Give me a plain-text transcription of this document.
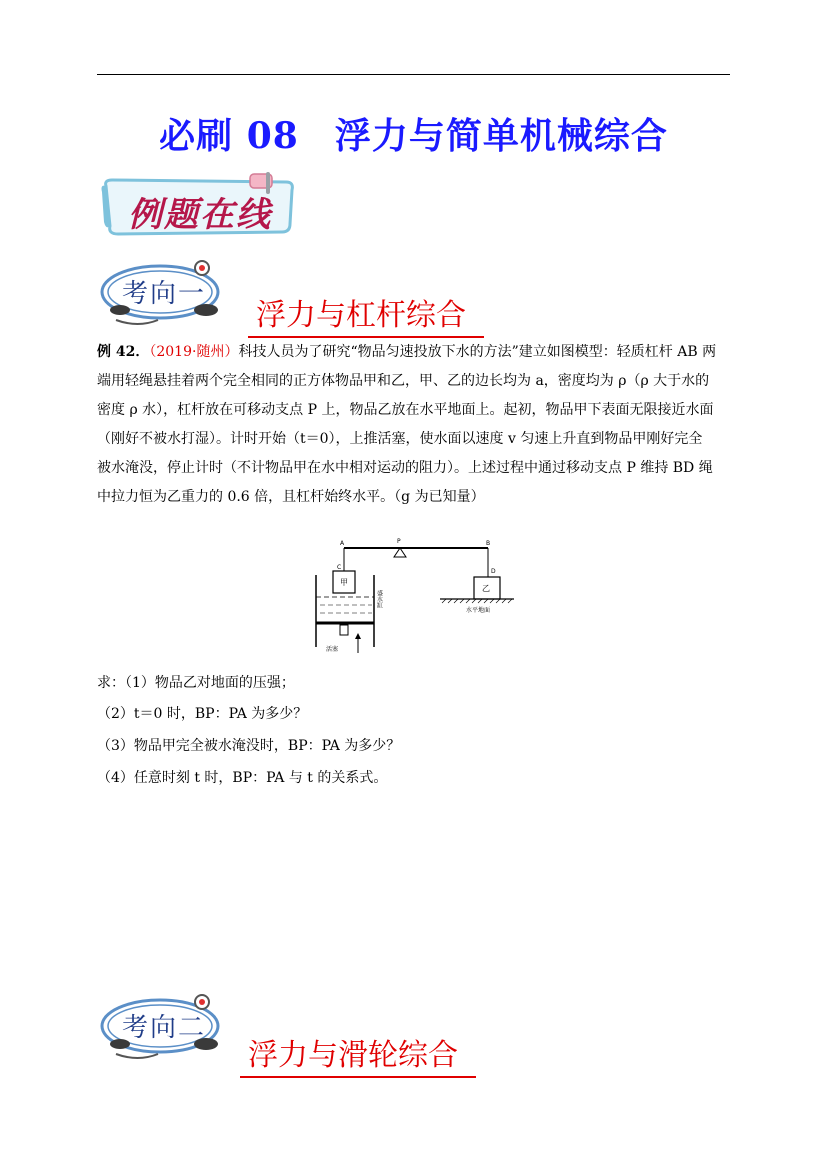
必刷 08 浮力与简单机械综合
例题在线
考向一
浮力与杠杆综合
例 42．（2019·随州）科技人员为了研究“物品匀速投放下水的方法”建立如图模型：轻质杠杆 AB 两
端用轻绳悬挂着两个完全相同的正方体物品甲和乙，甲、乙的边长均为 a，密度均为 ρ（ρ 大于水的
密度 ρ 水），杠杆放在可移动支点 P 上，物品乙放在水平地面上。起初，物品甲下表面无限接近水面
（刚好不被水打湿）。计时开始（t＝0），上推活塞，使水面以速度 v 匀速上升直到物品甲刚好完全
被水淹没，停止计时（不计物品甲在水中相对运动的阻力）。上述过程中通过移动支点 P 维持 BD 绳
中拉力恒为乙重力的 0.6 倍，且杠杆始终水平。（g 为已知量）
P
A	B
C
甲
盛水缸
活塞
D
乙
水平地面
求：（1）物品乙对地面的压强；
（2）t＝0 时，BP：PA 为多少？
（3）物品甲完全被水淹没时，BP：PA 为多少？
（4）任意时刻 t 时，BP：PA 与 t 的关系式。
考向二
浮力与滑轮综合
